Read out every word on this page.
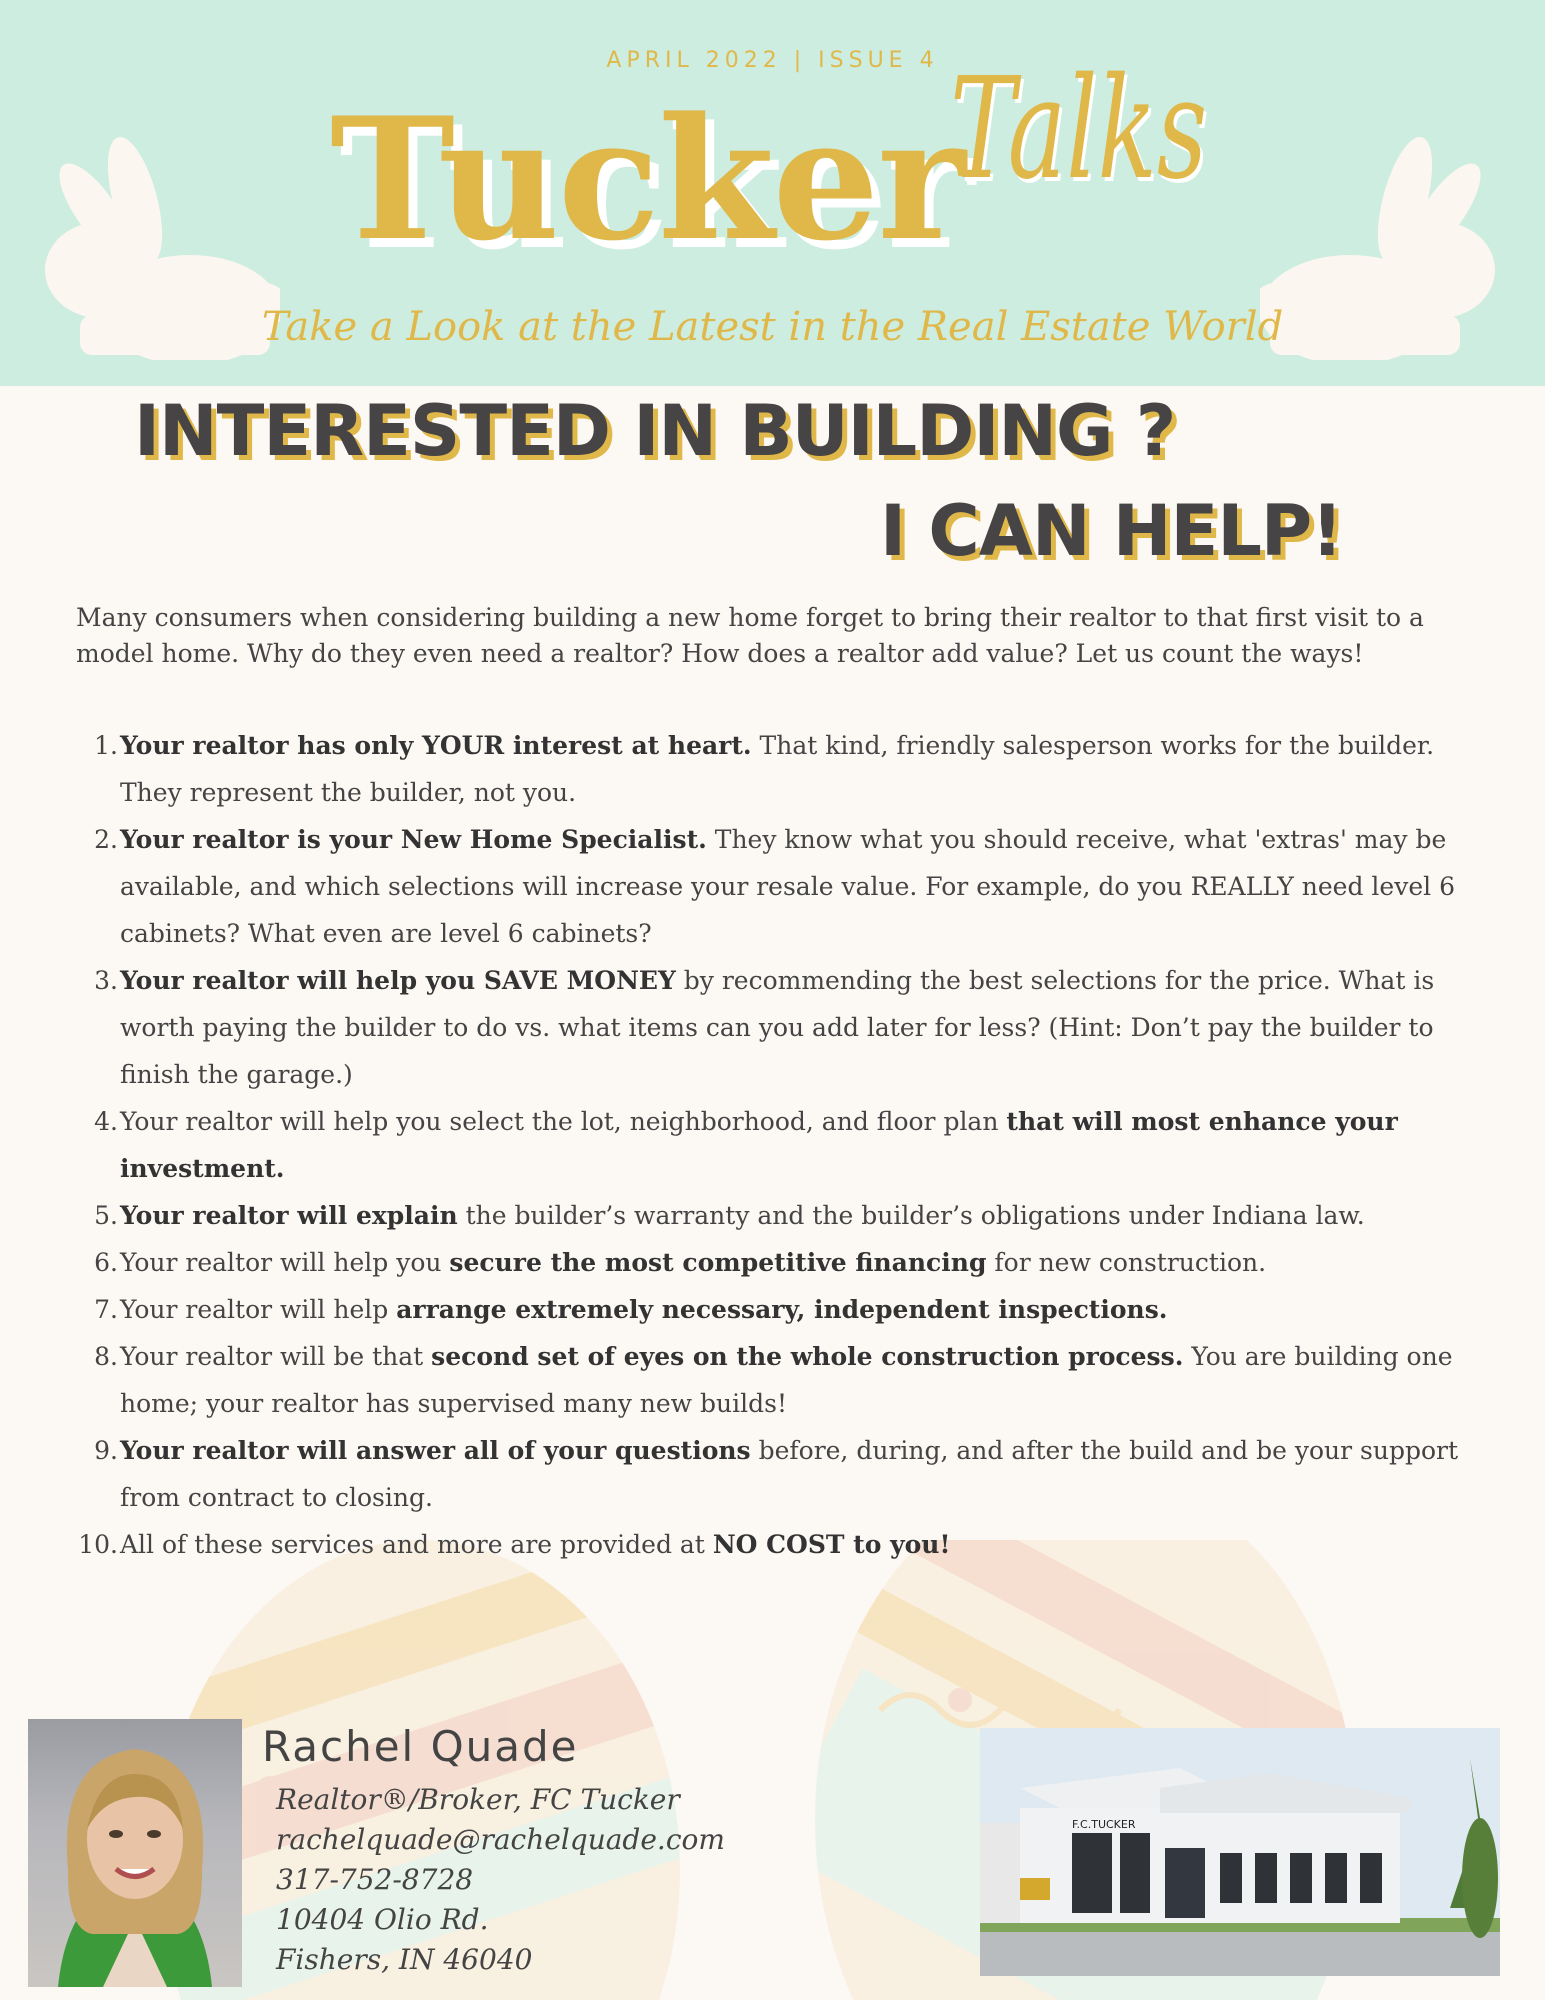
APRIL 2022 | ISSUE 4
Tucker
Talks
Take a Look at the Latest in the Real Estate World
INTERESTED IN BUILDING ?
I CAN HELP!
Many consumers when considering building a new home forget to bring their realtor to that first visit to a model home. Why do they even need a realtor? How does a realtor add value? Let us count the ways!
1. Your realtor has only YOUR interest at heart. That kind, friendly salesperson works for the builder. They represent the builder, not you.
2. Your realtor is your New Home Specialist. They know what you should receive, what 'extras' may be available, and which selections will increase your resale value. For example, do you REALLY need level 6 cabinets? What even are level 6 cabinets?
3. Your realtor will help you SAVE MONEY by recommending the best selections for the price. What is worth paying the builder to do vs. what items can you add later for less? (Hint: Don’t pay the builder to finish the garage.)
4. Your realtor will help you select the lot, neighborhood, and floor plan that will most enhance your investment.
5. Your realtor will explain the builder’s warranty and the builder’s obligations under Indiana law.
6. Your realtor will help you secure the most competitive financing for new construction.
7. Your realtor will help arrange extremely necessary, independent inspections.
8. Your realtor will be that second set of eyes on the whole construction process. You are building one home; your realtor has supervised many new builds!
9. Your realtor will answer all of your questions before, during, and after the build and be your support from contract to closing.
10. All of these services and more are provided at NO COST to you!
Rachel Quade
Realtor®/Broker, FC Tucker
rachelquade@rachelquade.com
317-752-8728
10404 Olio Rd.
Fishers, IN 46040
F.C.TUCKER
